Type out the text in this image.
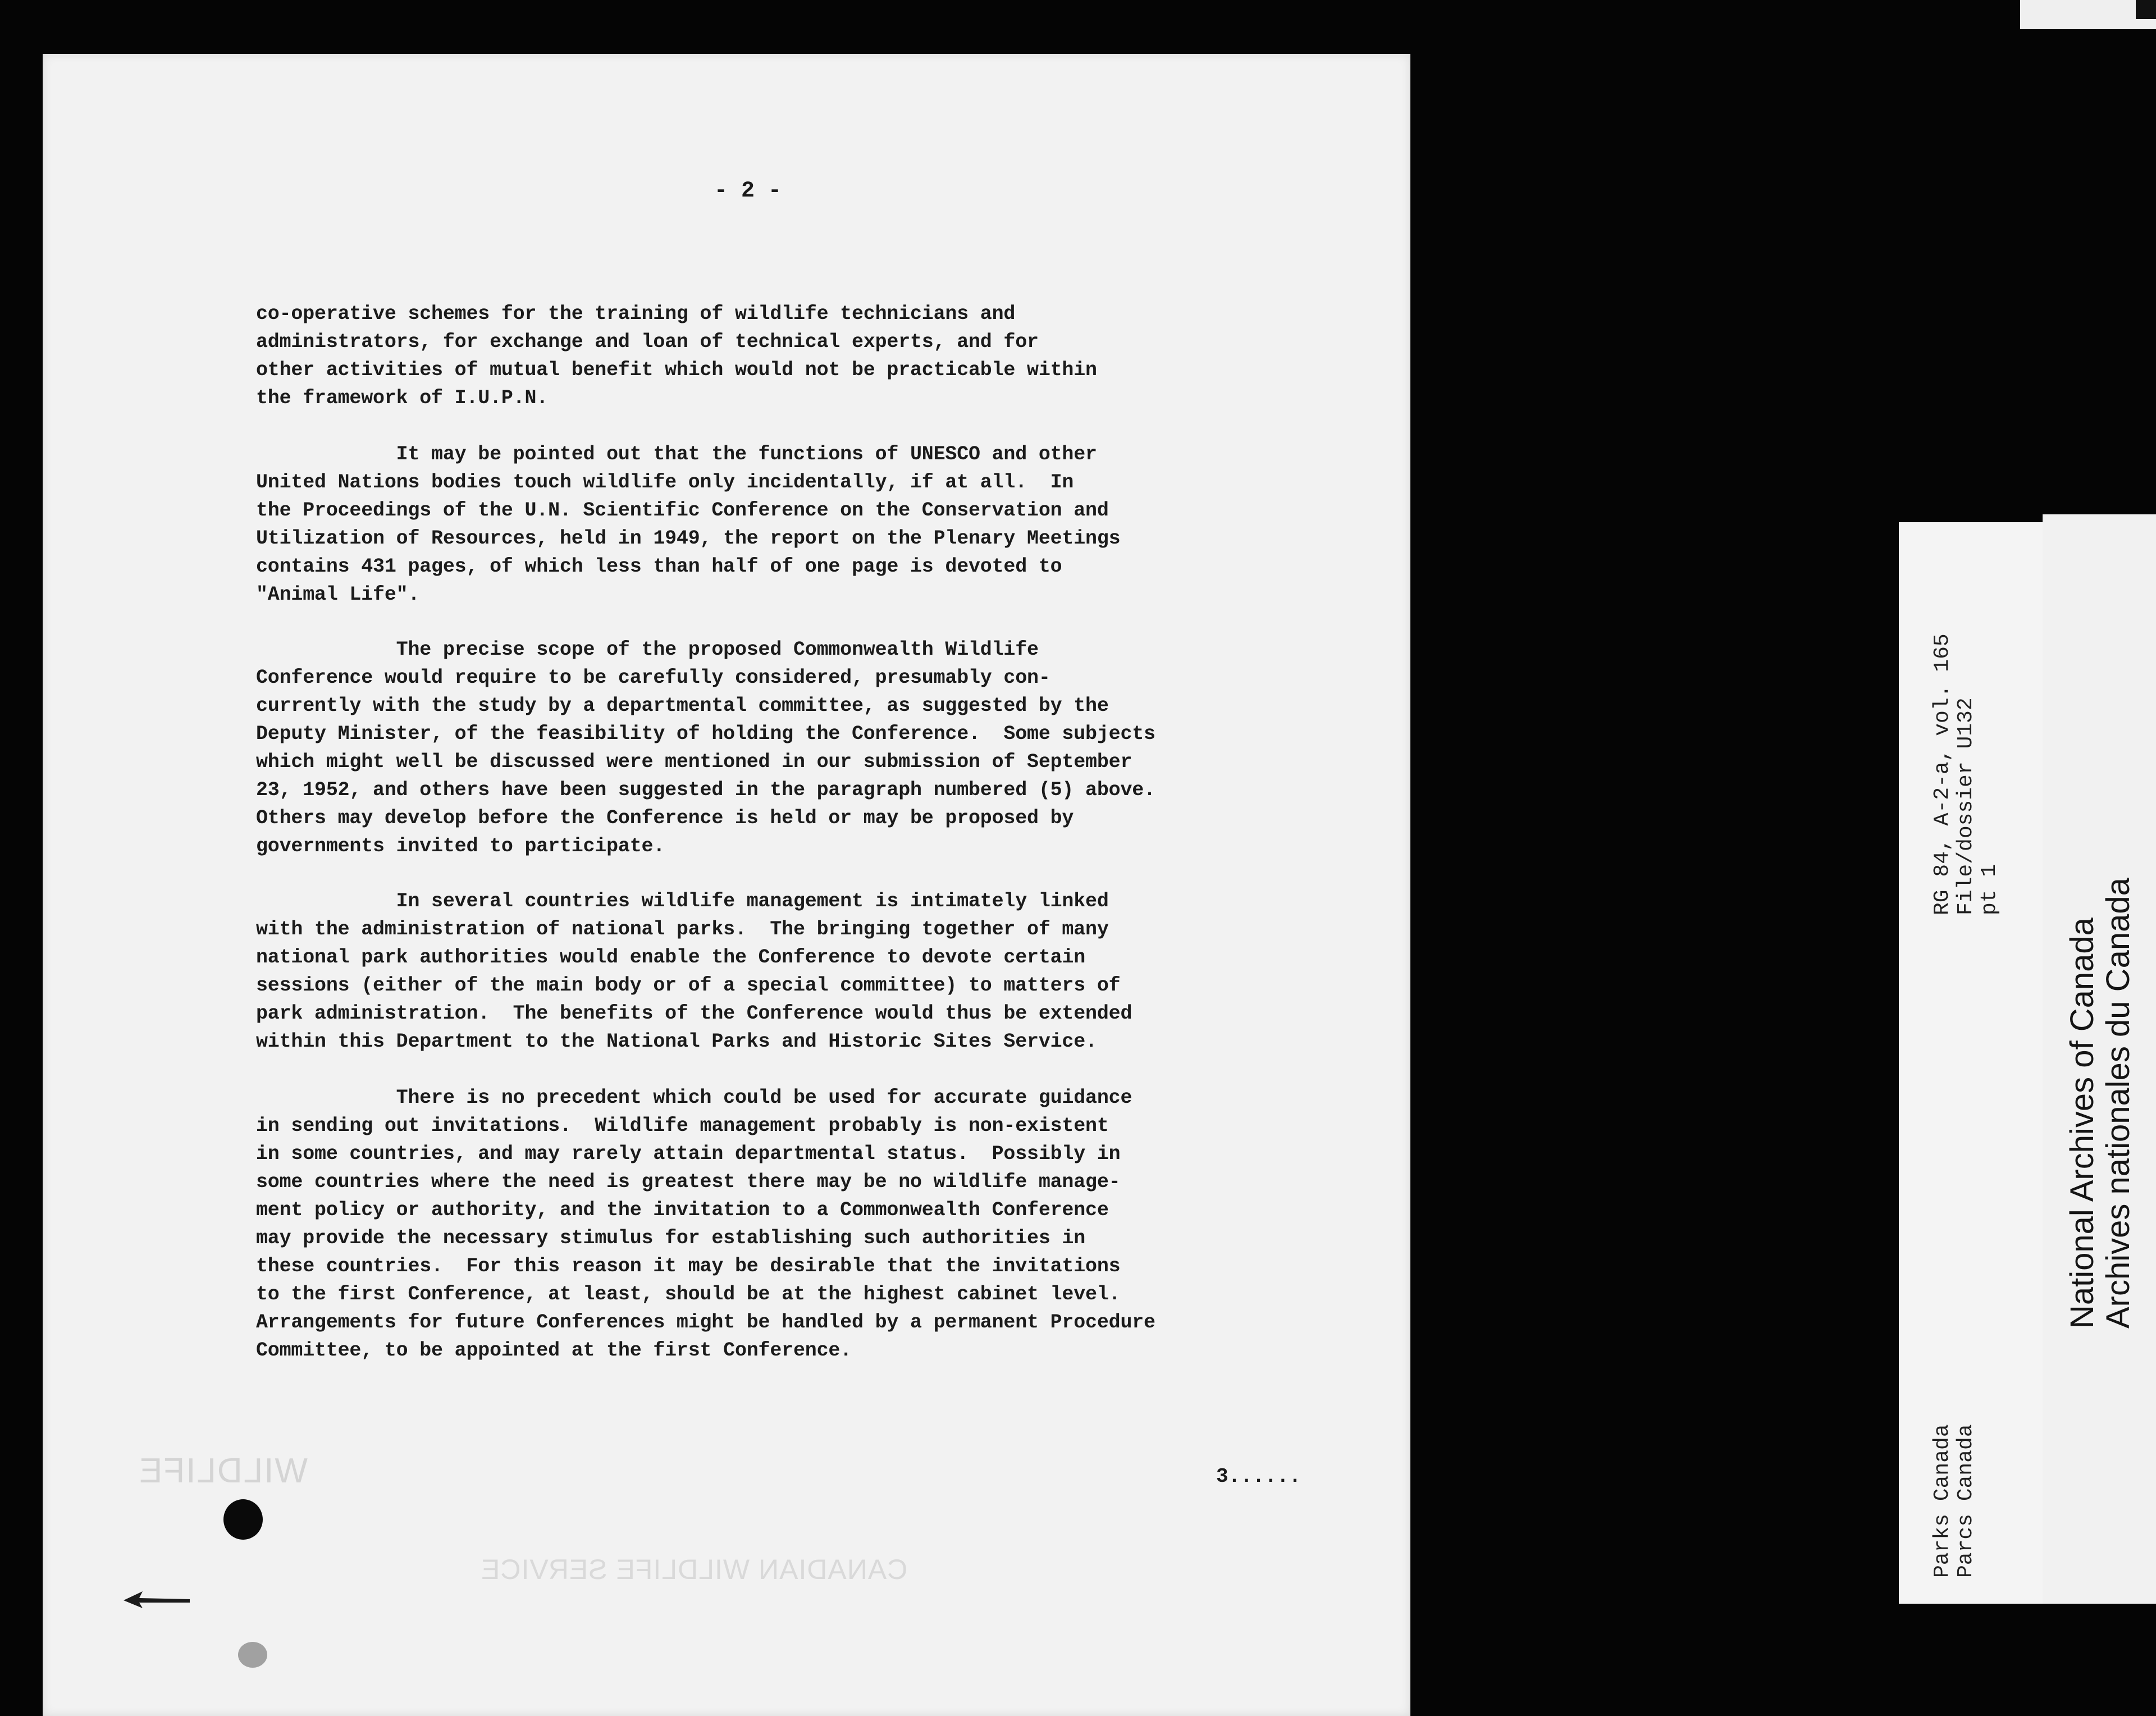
WILDLIFE
CANADIAN WILDLIFE SERVICE
- 2 -
co-operative schemes for the training of wildlife technicians and
administrators, for exchange and loan of technical experts, and for
other activities of mutual benefit which would not be practicable within
the framework of I.U.P.N.
It may be pointed out that the functions of UNESCO and other
United Nations bodies touch wildlife only incidentally, if at all.  In
the Proceedings of the U.N. Scientific Conference on the Conservation and
Utilization of Resources, held in 1949, the report on the Plenary Meetings
contains 431 pages, of which less than half of one page is devoted to
"Animal Life".
The precise scope of the proposed Commonwealth Wildlife
Conference would require to be carefully considered, presumably con-
currently with the study by a departmental committee, as suggested by the
Deputy Minister, of the feasibility of holding the Conference.  Some subjects
which might well be discussed were mentioned in our submission of September
23, 1952, and others have been suggested in the paragraph numbered (5) above.
Others may develop before the Conference is held or may be proposed by
governments invited to participate.
In several countries wildlife management is intimately linked
with the administration of national parks.  The bringing together of many
national park authorities would enable the Conference to devote certain
sessions (either of the main body or of a special committee) to matters of
park administration.  The benefits of the Conference would thus be extended
within this Department to the National Parks and Historic Sites Service.
There is no precedent which could be used for accurate guidance
in sending out invitations.  Wildlife management probably is non-existent
in some countries, and may rarely attain departmental status.  Possibly in
some countries where the need is greatest there may be no wildlife manage-
ment policy or authority, and the invitation to a Commonwealth Conference
may provide the necessary stimulus for establishing such authorities in
these countries.  For this reason it may be desirable that the invitations
to the first Conference, at least, should be at the highest cabinet level.
Arrangements for future Conferences might be handled by a permanent Procedure
Committee, to be appointed at the first Conference.
3......
RG 84, A-2-a, vol. 165 File/dossier U132 pt 1
Parks Canada Parcs Canada
National Archives of Canada Archives nationales du Canada
